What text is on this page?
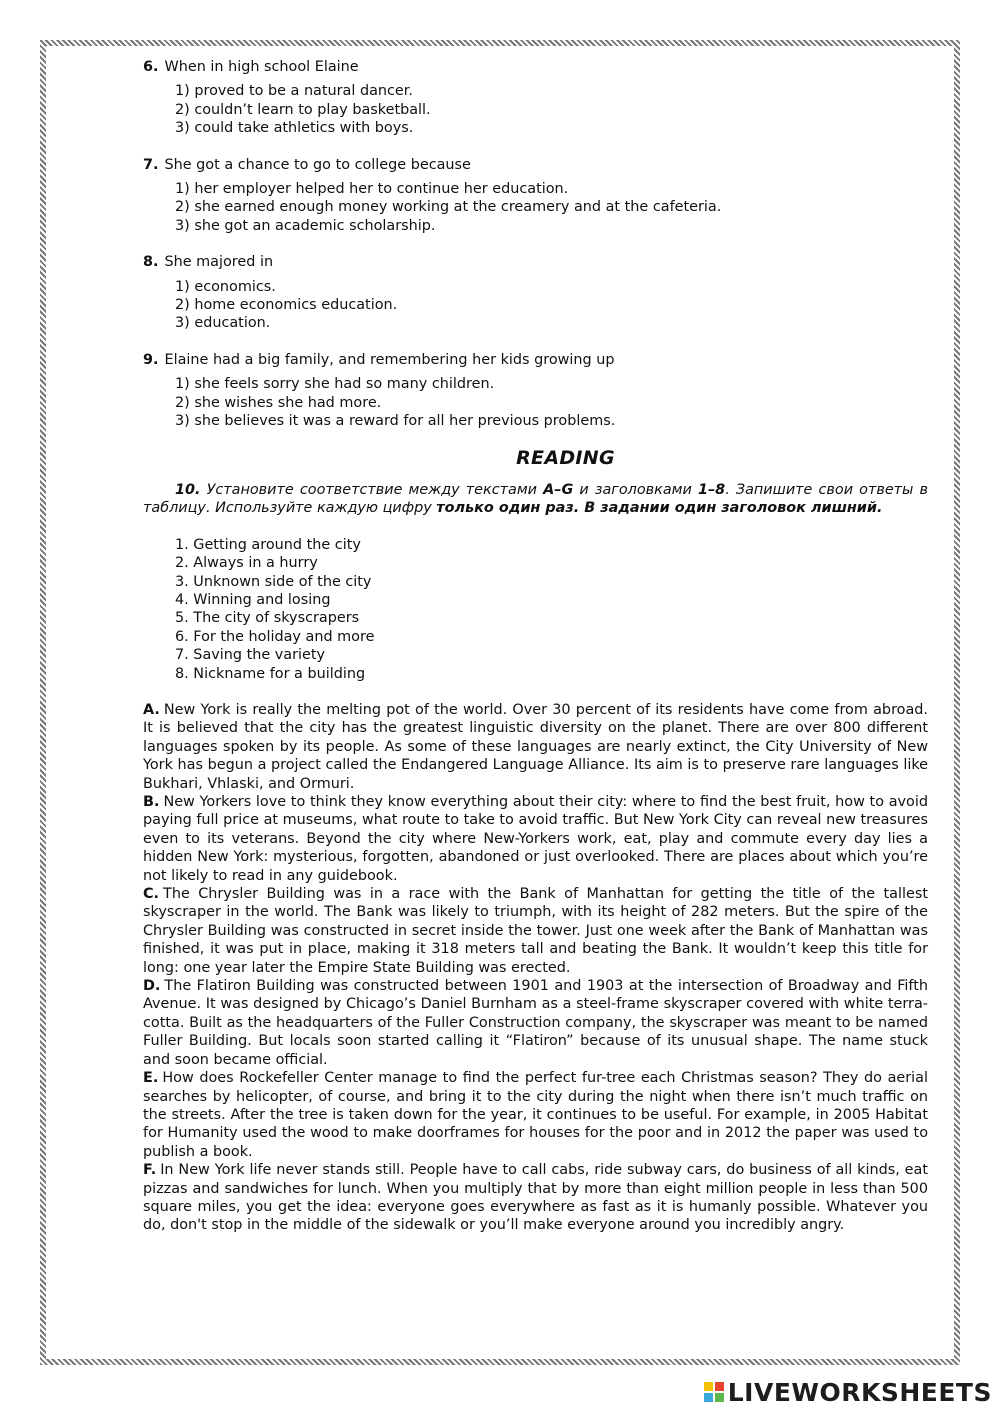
6. When in high school Elaine

1) proved to be a natural dancer.
2) couldn’t learn to play basketball.
3) could take athletics with boys.

7. She got a chance to go to college because

1) her employer helped her to continue her education.
2) she earned enough money working at the creamery and at the cafeteria.
3) she got an academic scholarship.

8. She majored in

1) economics.
2) home economics education.
3) education.

9. Elaine had a big family, and remembering her kids growing up

1) she feels sorry she had so many children.
2) she wishes she had more.
3) she believes it was a reward for all her previous problems.
READING

10. Установите соответствие между текстами A–G и заголовками 1–8. Запишите свои ответы в таблицу. Используйте каждую цифру только один раз. В задании один заголовок лишний.

1. Getting around the city
2. Always in a hurry
3. Unknown side of the city
4. Winning and losing
5. The city of skyscrapers
6. For the holiday and more
7. Saving the variety
8. Nickname for a building

A. New York is really the melting pot of the world. Over 30 percent of its residents have come from abroad. It is believed that the city has the greatest linguistic diversity on the planet. There are over 800 different languages spoken by its people. As some of these languages are nearly extinct, the City University of New York has begun a project called the Endangered Language Alliance. Its aim is to preserve rare languages like Bukhari, Vhlaski, and Ormuri.

B. New Yorkers love to think they know everything about their city: where to find the best fruit, how to avoid paying full price at museums, what route to take to avoid traffic. But New York City can reveal new treasures even to its veterans. Beyond the city where New-Yorkers work, eat, play and commute every day lies a hidden New York: mysterious, forgotten, abandoned or just overlooked. There are places about which you’re not likely to read in any guidebook.

C. The Chrysler Building was in a race with the Bank of Manhattan for getting the title of the tallest skyscraper in the world. The Bank was likely to triumph, with its height of 282 meters. But the spire of the Chrysler Building was constructed in secret inside the tower. Just one week after the Bank of Manhattan was finished, it was put in place, making it 318 meters tall and beating the Bank. It wouldn’t keep this title for long: one year later the Empire State Building was erected.

D. The Flatiron Building was constructed between 1901 and 1903 at the intersection of Broadway and Fifth Avenue. It was designed by Chicago’s Daniel Burnham as a steel-frame skyscraper covered with white terra-cotta. Built as the headquarters of the Fuller Construction company, the skyscraper was meant to be named Fuller Building. But locals soon started calling it “Flatiron” because of its unusual shape. The name stuck and soon became official.

E. How does Rockefeller Center manage to find the perfect fur-tree each Christmas season? They do aerial searches by helicopter, of course, and bring it to the city during the night when there isn’t much traffic on the streets. After the tree is taken down for the year, it continues to be useful. For example, in 2005 Habitat for Humanity used the wood to make doorframes for houses for the poor and in 2012 the paper was used to publish a book.

F. In New York life never stands still. People have to call cabs, ride subway cars, do business of all kinds, eat pizzas and sandwiches for lunch. When you multiply that by more than eight million people in less than 500 square miles, you get the idea: everyone goes everywhere as fast as it is humanly possible. Whatever you do, don't stop in the middle of the sidewalk or you’ll make everyone around you incredibly angry.

LIVEWORKSHEETS
